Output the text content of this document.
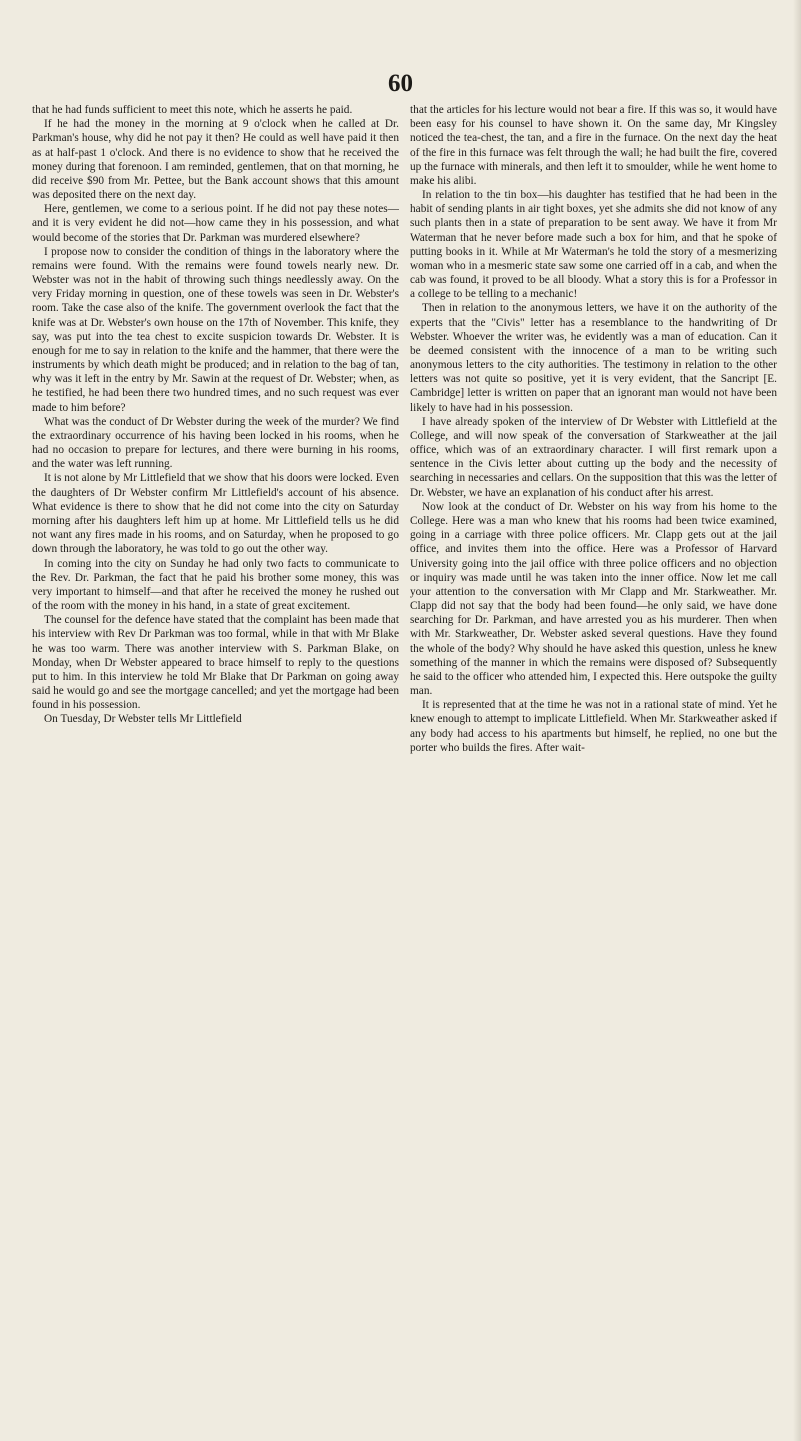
60

that he had funds sufficient to meet this note, which he asserts he paid.

If he had the money in the morning at 9 o'clock when he called at Dr. Parkman's house, why did he not pay it then? He could as well have paid it then as at half-past 1 o'clock. And there is no evidence to show that he received the money during that forenoon. I am reminded, gentlemen, that on that morning, he did receive $90 from Mr. Pettee, but the Bank account shows that this amount was deposited there on the next day.

Here, gentlemen, we come to a serious point. If he did not pay these notes—and it is very evident he did not—how came they in his possession, and what would become of the stories that Dr. Parkman was murdered elsewhere?

I propose now to consider the condition of things in the laboratory where the remains were found. With the remains were found towels nearly new. Dr. Webster was not in the habit of throwing such things needlessly away. On the very Friday morning in question, one of these towels was seen in Dr. Webster's room. Take the case also of the knife. The government overlook the fact that the knife was at Dr. Webster's own house on the 17th of November. This knife, they say, was put into the tea chest to excite suspicion towards Dr. Webster. It is enough for me to say in relation to the knife and the hammer, that there were the instruments by which death might be produced; and in relation to the bag of tan, why was it left in the entry by Mr. Sawin at the request of Dr. Webster; when, as he testified, he had been there two hundred times, and no such request was ever made to him before?

What was the conduct of Dr Webster during the week of the murder? We find the extraordinary occurrence of his having been locked in his rooms, when he had no occasion to prepare for lectures, and there were burning in his rooms, and the water was left running.

It is not alone by Mr Littlefield that we show that his doors were locked. Even the daughters of Dr Webster confirm Mr Littlefield's account of his absence. What evidence is there to show that he did not come into the city on Saturday morning after his daughters left him up at home. Mr Littlefield tells us he did not want any fires made in his rooms, and on Saturday, when he proposed to go down through the laboratory, he was told to go out the other way.

In coming into the city on Sunday he had only two facts to communicate to the Rev. Dr. Parkman, the fact that he paid his brother some money, this was very important to himself—and that after he received the money he rushed out of the room with the money in his hand, in a state of great excitement.

The counsel for the defence have stated that the complaint has been made that his interview with Rev Dr Parkman was too formal, while in that with Mr Blake he was too warm. There was another interview with S. Parkman Blake, on Monday, when Dr Webster appeared to brace himself to reply to the questions put to him. In this interview he told Mr Blake that Dr Parkman on going away said he would go and see the mortgage cancelled; and yet the mortgage had been found in his possession.

On Tuesday, Dr Webster tells Mr Littlefield

that the articles for his lecture would not bear a fire. If this was so, it would have been easy for his counsel to have shown it. On the same day, Mr Kingsley noticed the tea-chest, the tan, and a fire in the furnace. On the next day the heat of the fire in this furnace was felt through the wall; he had built the fire, covered up the furnace with minerals, and then left it to smoulder, while he went home to make his alibi.

In relation to the tin box—his daughter has testified that he had been in the habit of sending plants in air tight boxes, yet she admits she did not know of any such plants then in a state of preparation to be sent away. We have it from Mr Waterman that he never before made such a box for him, and that he spoke of putting books in it. While at Mr Waterman's he told the story of a mesmerizing woman who in a mesmeric state saw some one carried off in a cab, and when the cab was found, it proved to be all bloody. What a story this is for a Professor in a college to be telling to a mechanic!

Then in relation to the anonymous letters, we have it on the authority of the experts that the "Civis" letter has a resemblance to the handwriting of Dr Webster. Whoever the writer was, he evidently was a man of education. Can it be deemed consistent with the innocence of a man to be writing such anonymous letters to the city authorities. The testimony in relation to the other letters was not quite so positive, yet it is very evident, that the Sancript [E. Cambridge] letter is written on paper that an ignorant man would not have been likely to have had in his possession.

I have already spoken of the interview of Dr Webster with Littlefield at the College, and will now speak of the conversation of Starkweather at the jail office, which was of an extraordinary character. I will first remark upon a sentence in the Civis letter about cutting up the body and the necessity of searching in necessaries and cellars. On the supposition that this was the letter of Dr. Webster, we have an explanation of his conduct after his arrest.

Now look at the conduct of Dr. Webster on his way from his home to the College. Here was a man who knew that his rooms had been twice examined, going in a carriage with three police officers. Mr. Clapp gets out at the jail office, and invites them into the office. Here was a Professor of Harvard University going into the jail office with three police officers and no objection or inquiry was made until he was taken into the inner office. Now let me call your attention to the conversation with Mr Clapp and Mr. Starkweather. Mr. Clapp did not say that the body had been found—he only said, we have done searching for Dr. Parkman, and have arrested you as his murderer. Then when with Mr. Starkweather, Dr. Webster asked several questions. Have they found the whole of the body? Why should he have asked this question, unless he knew something of the manner in which the remains were disposed of? Subsequently he said to the officer who attended him, I expected this. Here outspoke the guilty man.

It is represented that at the time he was not in a rational state of mind. Yet he knew enough to attempt to implicate Littlefield. When Mr. Starkweather asked if any body had access to his apartments but himself, he replied, no one but the porter who builds the fires. After wait-
